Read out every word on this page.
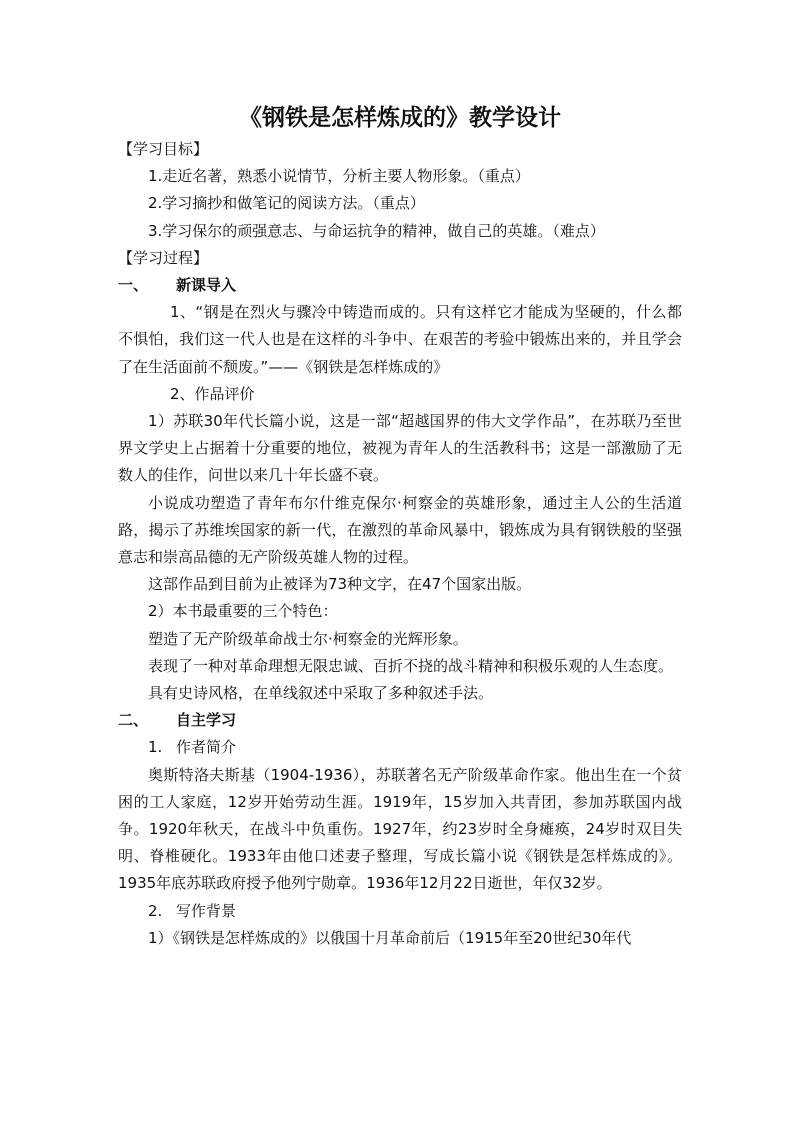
《钢铁是怎样炼成的》教学设计
【学习目标】
1.走近名著，熟悉小说情节，分析主要人物形象。（重点）
2.学习摘抄和做笔记的阅读方法。（重点）
3.学习保尔的顽强意志、与命运抗争的精神，做自己的英雄。（难点）
【学习过程】
一、 新课导入
1、“钢是在烈火与骤冷中铸造而成的。只有这样它才能成为坚硬的，什么都不惧怕，我们这一代人也是在这样的斗争中、在艰苦的考验中锻炼出来的，并且学会了在生活面前不颓废。”——《钢铁是怎样炼成的》
2、作品评价
1）苏联30年代长篇小说，这是一部“超越国界的伟大文学作品”，在苏联乃至世界文学史上占据着十分重要的地位，被视为青年人的生活教科书；这是一部激励了无数人的佳作，问世以来几十年长盛不衰。
小说成功塑造了青年布尔什维克保尔·柯察金的英雄形象，通过主人公的生活道路，揭示了苏维埃国家的新一代，在激烈的革命风暴中，锻炼成为具有钢铁般的坚强意志和崇高品德的无产阶级英雄人物的过程。
这部作品到目前为止被译为73种文字，在47个国家出版。
2）本书最重要的三个特色：
塑造了无产阶级革命战士尔·柯察金的光辉形象。
表现了一种对革命理想无限忠诚、百折不挠的战斗精神和积极乐观的人生态度。
具有史诗风格，在单线叙述中采取了多种叙述手法。
二、 自主学习
1. 作者简介
奥斯特洛夫斯基（1904-1936），苏联著名无产阶级革命作家。他出生在一个贫困的工人家庭，12岁开始劳动生涯。1919年，15岁加入共青团，参加苏联国内战争。1920年秋天，在战斗中负重伤。1927年，约23岁时全身瘫痪，24岁时双目失明、脊椎硬化。1933年由他口述妻子整理，写成长篇小说《钢铁是怎样炼成的》。1935年底苏联政府授予他列宁勋章。1936年12月22日逝世，年仅32岁。
2. 写作背景
1）《钢铁是怎样炼成的》以俄国十月革命前后（1915年至20世纪30年代
